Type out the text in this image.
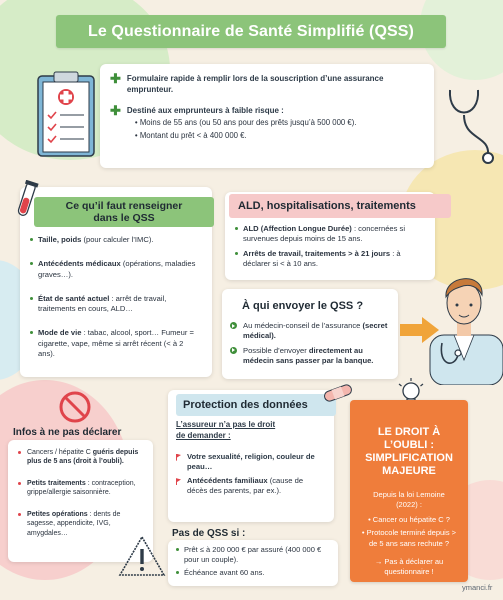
Le Questionnaire de Santé Simplifié (QSS)
✚ Formulaire rapide à remplir lors de la souscription d’une assurance emprunteur.
✚ Destiné aux emprunteurs à faible risque :
• Moins de 55 ans (ou 50 ans pour des prêts jusqu’à 500 000 €).
• Montant du prêt < à 400 000 €.
Ce qu’il faut renseigner dans le QSS
Taille, poids (pour calculer l’IMC).
Antécédents médicaux (opérations, maladies graves…).
État de santé actuel : arrêt de travail, traitements en cours, ALD…
Mode de vie : tabac, alcool, sport… Fumeur = cigarette, vape, même si arrêt récent (< à 2 ans).
ALD, hospitalisations, traitements
ALD (Affection Longue Durée) : concernées si survenues depuis moins de 15 ans.
Arrêts de travail, traitements > à 21 jours : à déclarer si < à 10 ans.
À qui envoyer le QSS ?
Au médecin-conseil de l’assurance (secret médical).
Possible d’envoyer directement au médecin sans passer par la banque.
Infos à ne pas déclarer
Cancers / hépatite C guéris depuis plus de 5 ans (droit à l’oubli).
Petits traitements : contraception, grippe/allergie saisonnière.
Petites opérations : dents de sagesse, appendicite, IVG, amygdales…
Protection des données
L’assureur n’a pas le droit de demander :
Votre sexualité, religion, couleur de peau…
Antécédents familiaux (cause de décès des parents, par ex.).
Pas de QSS si :
Prêt ≤ à 200 000 € par assuré (400 000 € pour un couple).
Échéance avant 60 ans.
LE DROIT À L’OUBLI : SIMPLIFICATION MAJEURE
Depuis la loi Lemoine (2022) :
• Cancer ou hépatite C ?
• Protocole terminé depuis > de 5 ans sans rechute ?
→ Pas à déclarer au questionnaire !
ymanci.fr
